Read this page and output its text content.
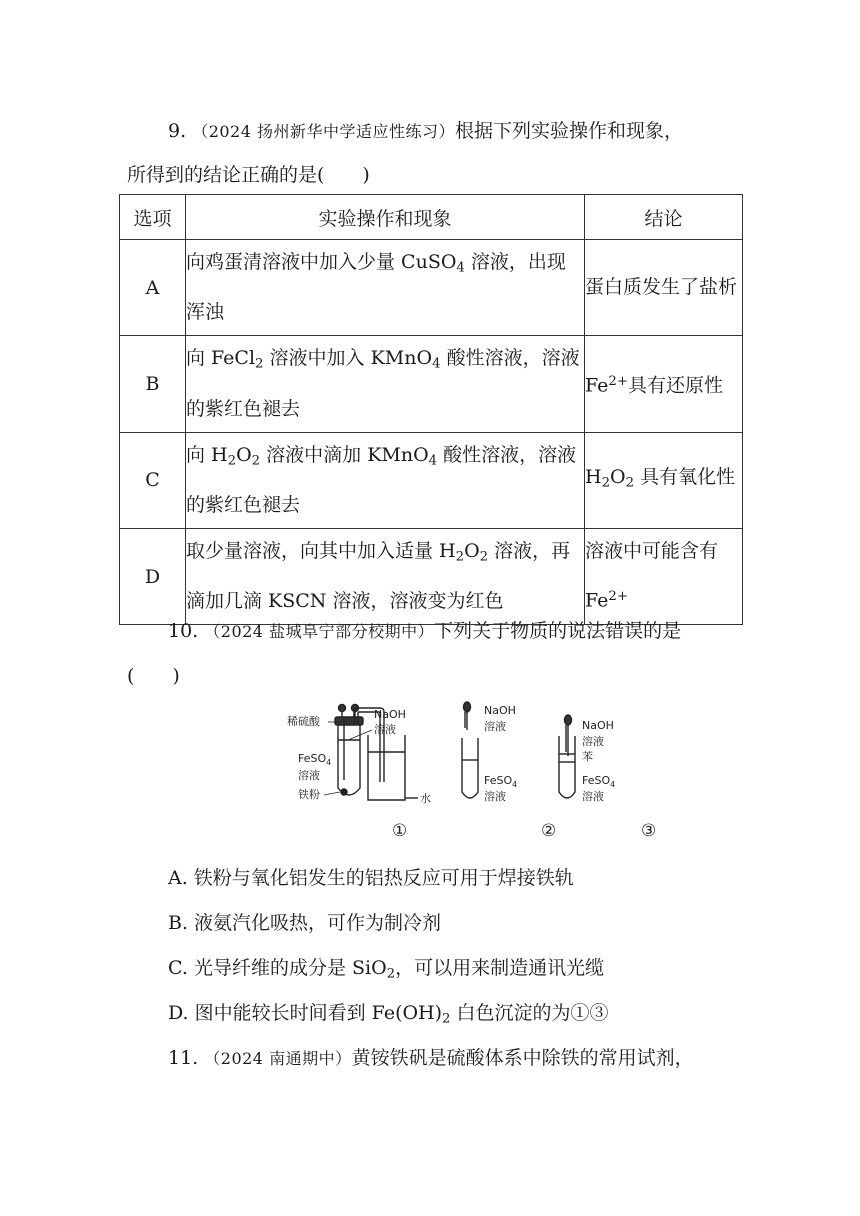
9. （2024 扬州新华中学适应性练习）根据下列实验操作和现象，
所得到的结论正确的是(　　)
选项	实验操作和现象	结论
A	向鸡蛋清溶液中加入少量 CuSO$_4$ 溶液，出现浑浊	蛋白质发生了盐析
B	向 FeCl$_2$ 溶液中加入 KMnO$_4$ 酸性溶液，溶液的紫红色褪去	$Fe^{2+}$具有还原性
C	向 $H_2O_2$ 溶液中滴加 KMnO$_4$ 酸性溶液，溶液的紫红色褪去	$H_2O_2$ 具有氧化性
D	取少量溶液，向其中加入适量 $H_2O_2$ 溶液，再滴加几滴 KSCN 溶液，溶液变为红色	溶液中可能含有 $Fe^{2+}$
10. （2024 盐城阜宁部分校期中）下列关于物质的说法错误的是
(　　)
稀硫酸
NaOH
溶液
FeSO$_4$
溶液
铁粉	水
NaOH
溶液
FeSO$_4$
溶液
NaOH
溶液
苯
FeSO$_4$
溶液
①	②	③
A. 铁粉与氧化铝发生的铝热反应可用于焊接铁轨
B. 液氨汽化吸热，可作为制冷剂
C. 光导纤维的成分是 SiO$_2$，可以用来制造通讯光缆
D. 图中能较长时间看到 $Fe(OH)_2$ 白色沉淀的为①③
11. （2024 南通期中）黄铵铁矾是硫酸体系中除铁的常用试剂，
